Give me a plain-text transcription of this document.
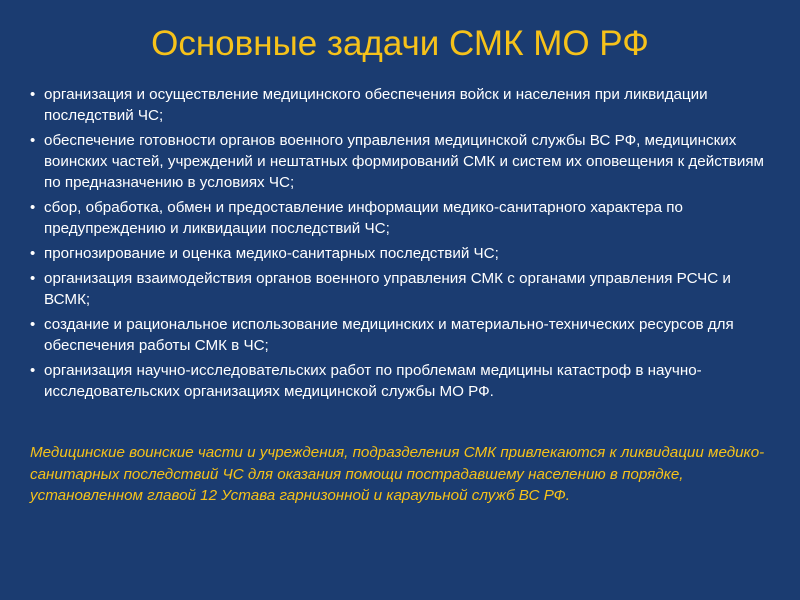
Основные задачи СМК МО РФ
• организация и осуществление медицинского обеспечения войск и населения при ликвидации последствий ЧС;
• обеспечение готовности органов военного управления медицинской службы ВС РФ, медицинских воинских частей, учреждений и нештатных формирований СМК и систем их оповещения к действиям по предназначению в условиях ЧС;
• сбор, обработка, обмен и предоставление информации медико-санитарного характера по предупреждению и ликвидации последствий ЧС;
• прогнозирование и оценка медико-санитарных последствий ЧС;
• организация взаимодействия органов военного управления СМК с органами управления РСЧС и ВСМК;
• создание и рациональное использование медицинских и материально-технических ресурсов для обеспечения работы СМК в ЧС;
• организация научно-исследовательских работ по проблемам медицины катастроф в научно-исследовательских организациях медицинской службы МО РФ.

Медицинские воинские части и учреждения, подразделения СМК привлекаются к ликвидации медико-санитарных последствий ЧС для оказания помощи пострадавшему населению в порядке, установленном главой 12 Устава гарнизонной и караульной служб ВС РФ.
